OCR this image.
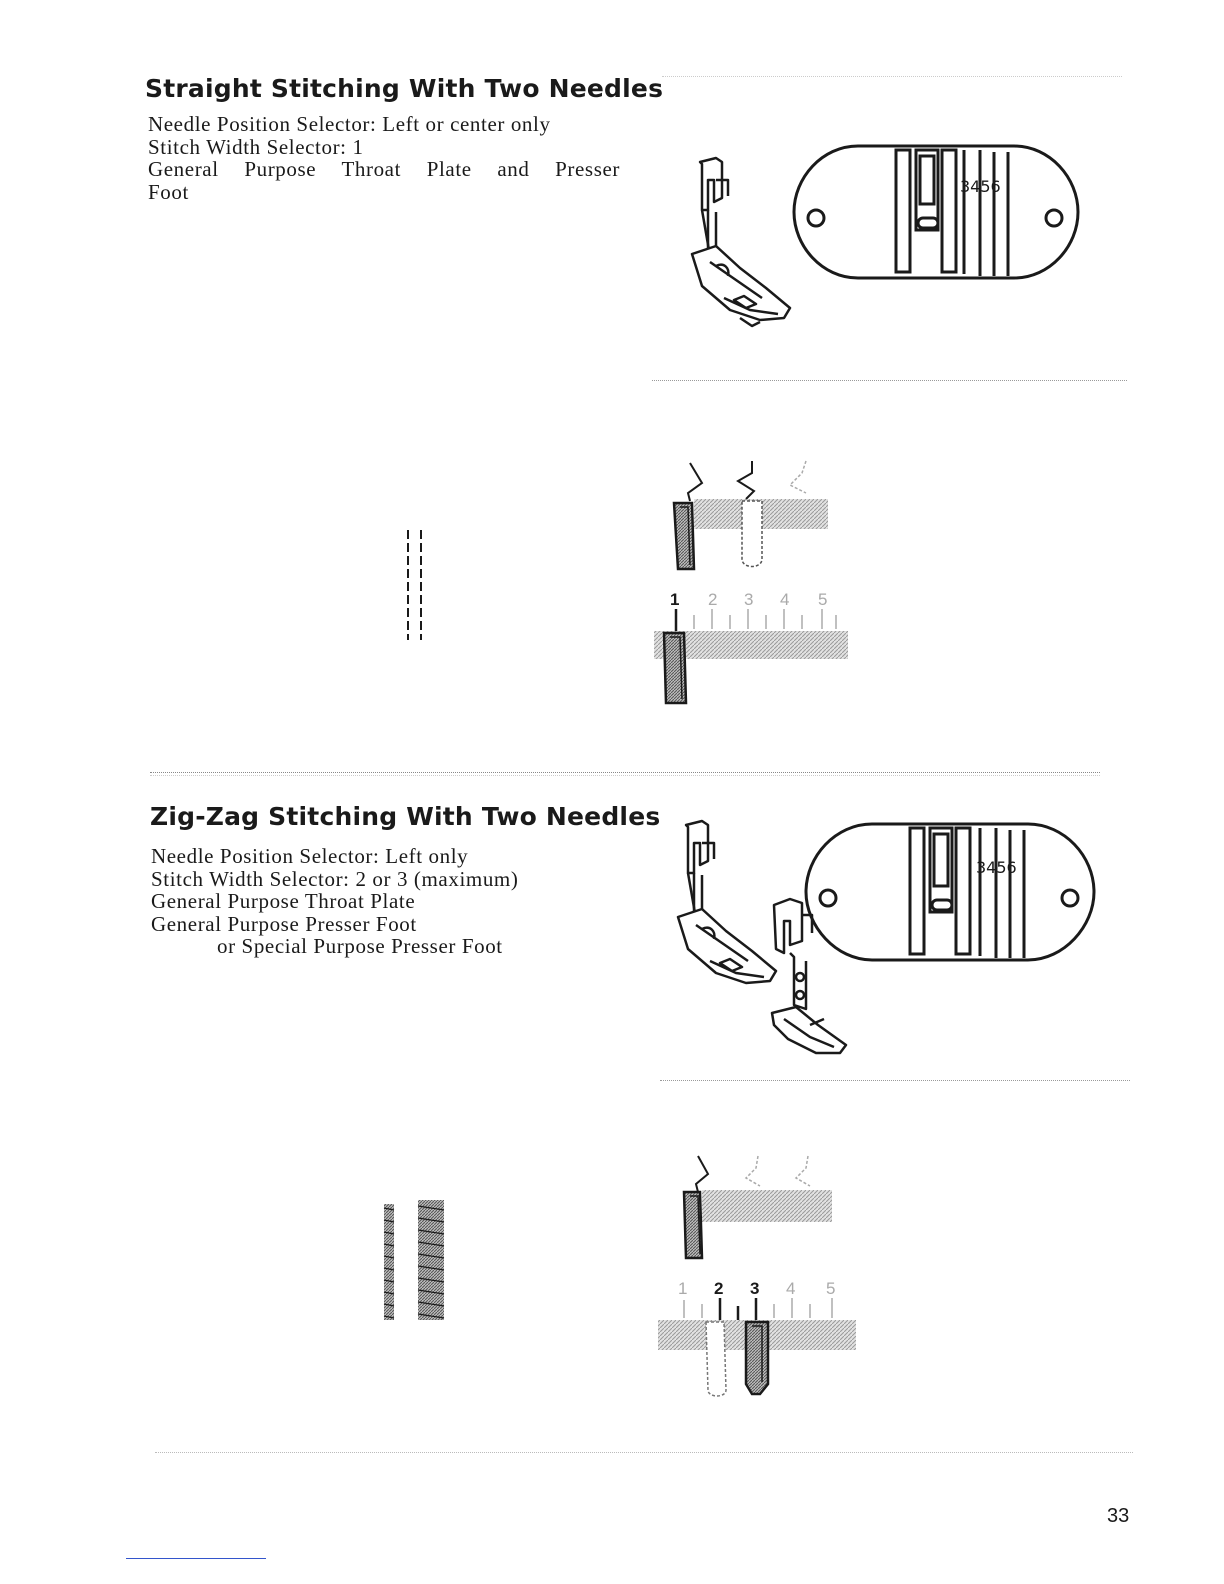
Straight Stitching With Two Needles
Needle Position Selector: Left or center only
Stitch Width Selector: 1
General Purpose Throat Plate and Presser
Foot	3456
1 2 3 4 5
Zig-Zag Stitching With Two Needles
Needle Position Selector: Left only
Stitch Width Selector: 2 or 3 (maximum)
General Purpose Throat Plate
General Purpose Presser Foot
or Special Purpose Presser Foot
3456
1 2 3 4 5
33
